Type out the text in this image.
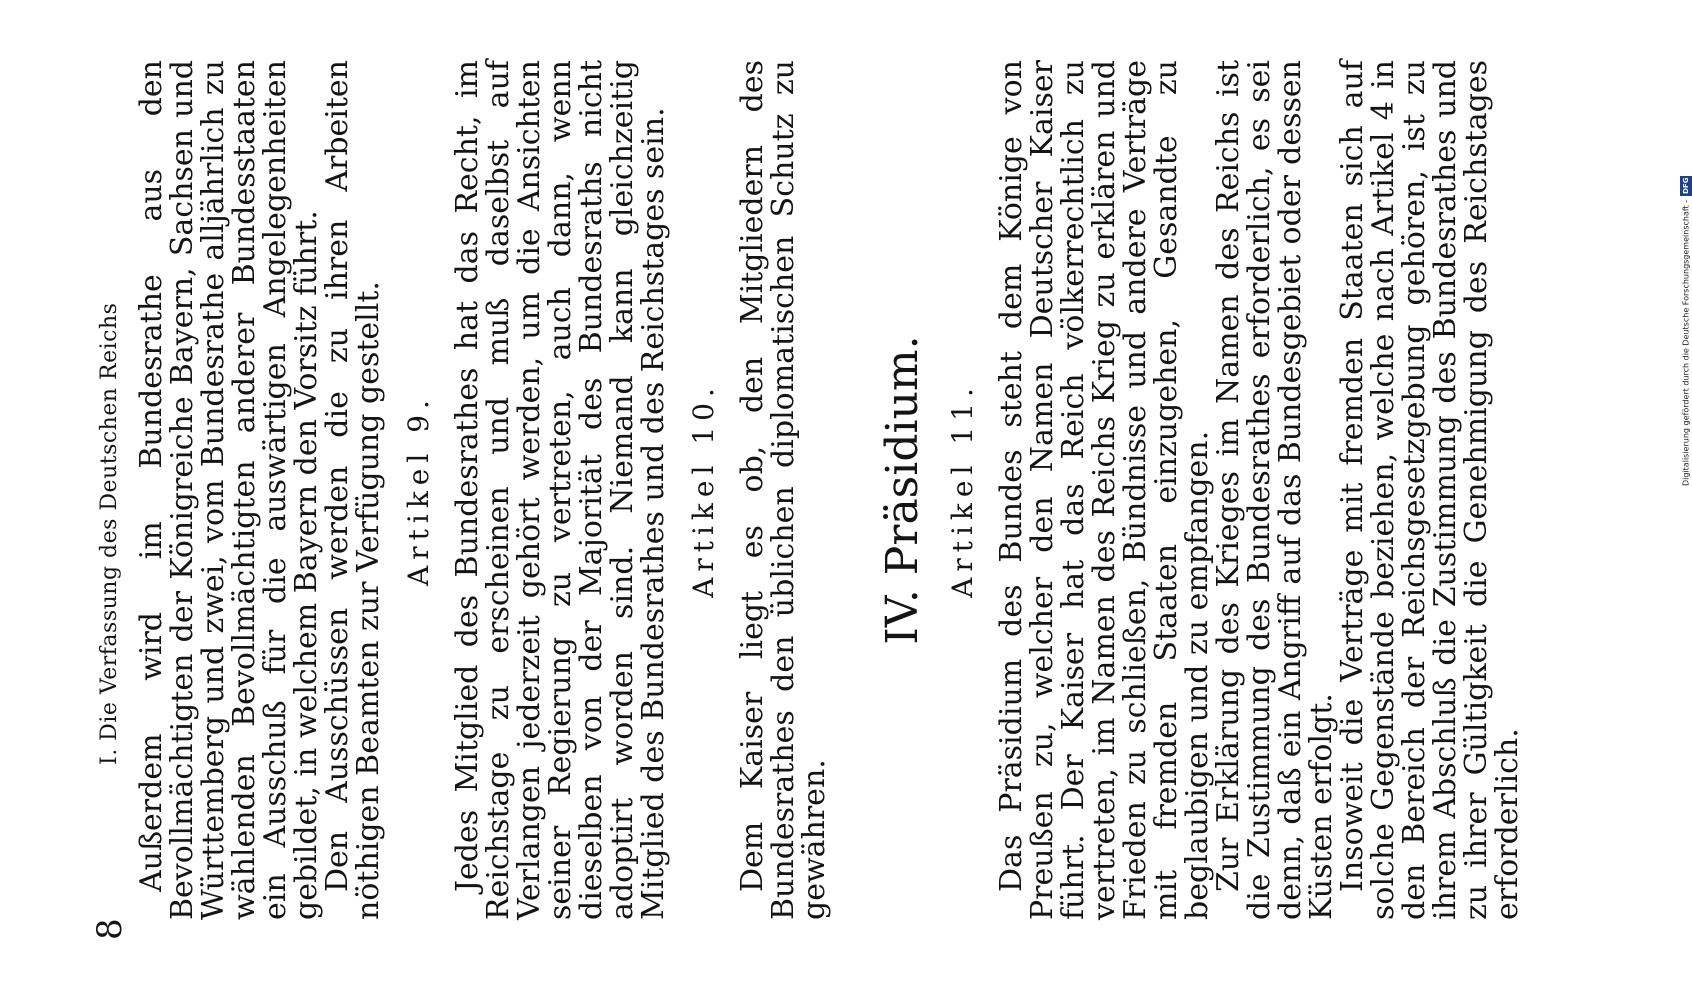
8
I. Die Verfassung des Deutschen Reichs Außerdem wird im Bundesrathe aus den Bevollmächtigten der Königreiche Bayern, Sachsen und Württemberg und zwei, vom Bundesrathe alljährlich zu wählenden Bevollmächtigten anderer Bundesstaaten ein Ausschuß für die auswärtigen Angelegenheiten gebildet, in welchem Bayern den Vorsitz führt.

Den Ausschüssen werden die zu ihren Arbeiten nöthigen Beamten zur Verfügung gestellt. Artikel 9. Jedes Mitglied des Bundesrathes hat das Recht, im Reichstage zu erscheinen und muß daselbst auf Verlangen jederzeit gehört werden, um die Ansichten seiner Regierung zu vertreten, auch dann, wenn dieselben von der Majorität des Bundesraths nicht adoptirt worden sind. Niemand kann gleichzeitig Mitglied des Bundesrathes und des Reichstages sein. Artikel 10. Dem Kaiser liegt es ob, den Mitgliedern des Bundesrathes den üblichen diplomatischen Schutz zu gewähren.

IV. Präsidium. Artikel 11. Das Präsidium des Bundes steht dem Könige von Preußen zu, welcher den Namen Deutscher Kaiser führt. Der Kaiser hat das Reich völkerrechtlich zu vertreten, im Namen des Reichs Krieg zu erklären und Frieden zu schließen, Bündnisse und andere Verträge mit fremden Staaten einzugehen, Gesandte zu beglaubigen und zu empfangen.

Zur Erklärung des Krieges im Namen des Reichs ist die Zustimmung des Bundesrathes erforderlich, es sei denn, daß ein Angriff auf das Bundesgebiet oder dessen Küsten erfolgt.

Insoweit die Verträge mit fremden Staaten sich auf solche Gegenstände beziehen, welche nach Artikel 4 in den Bereich der Reichsgesetzgebung gehören, ist zu ihrem Abschluß die Zustimmung des Bundesrathes und zu ihrer Gültigkeit die Genehmigung des Reichstages erforderlich.

Digitalisierung gefördert durch die Deutsche Forschungsgemeinschaft -DFG
